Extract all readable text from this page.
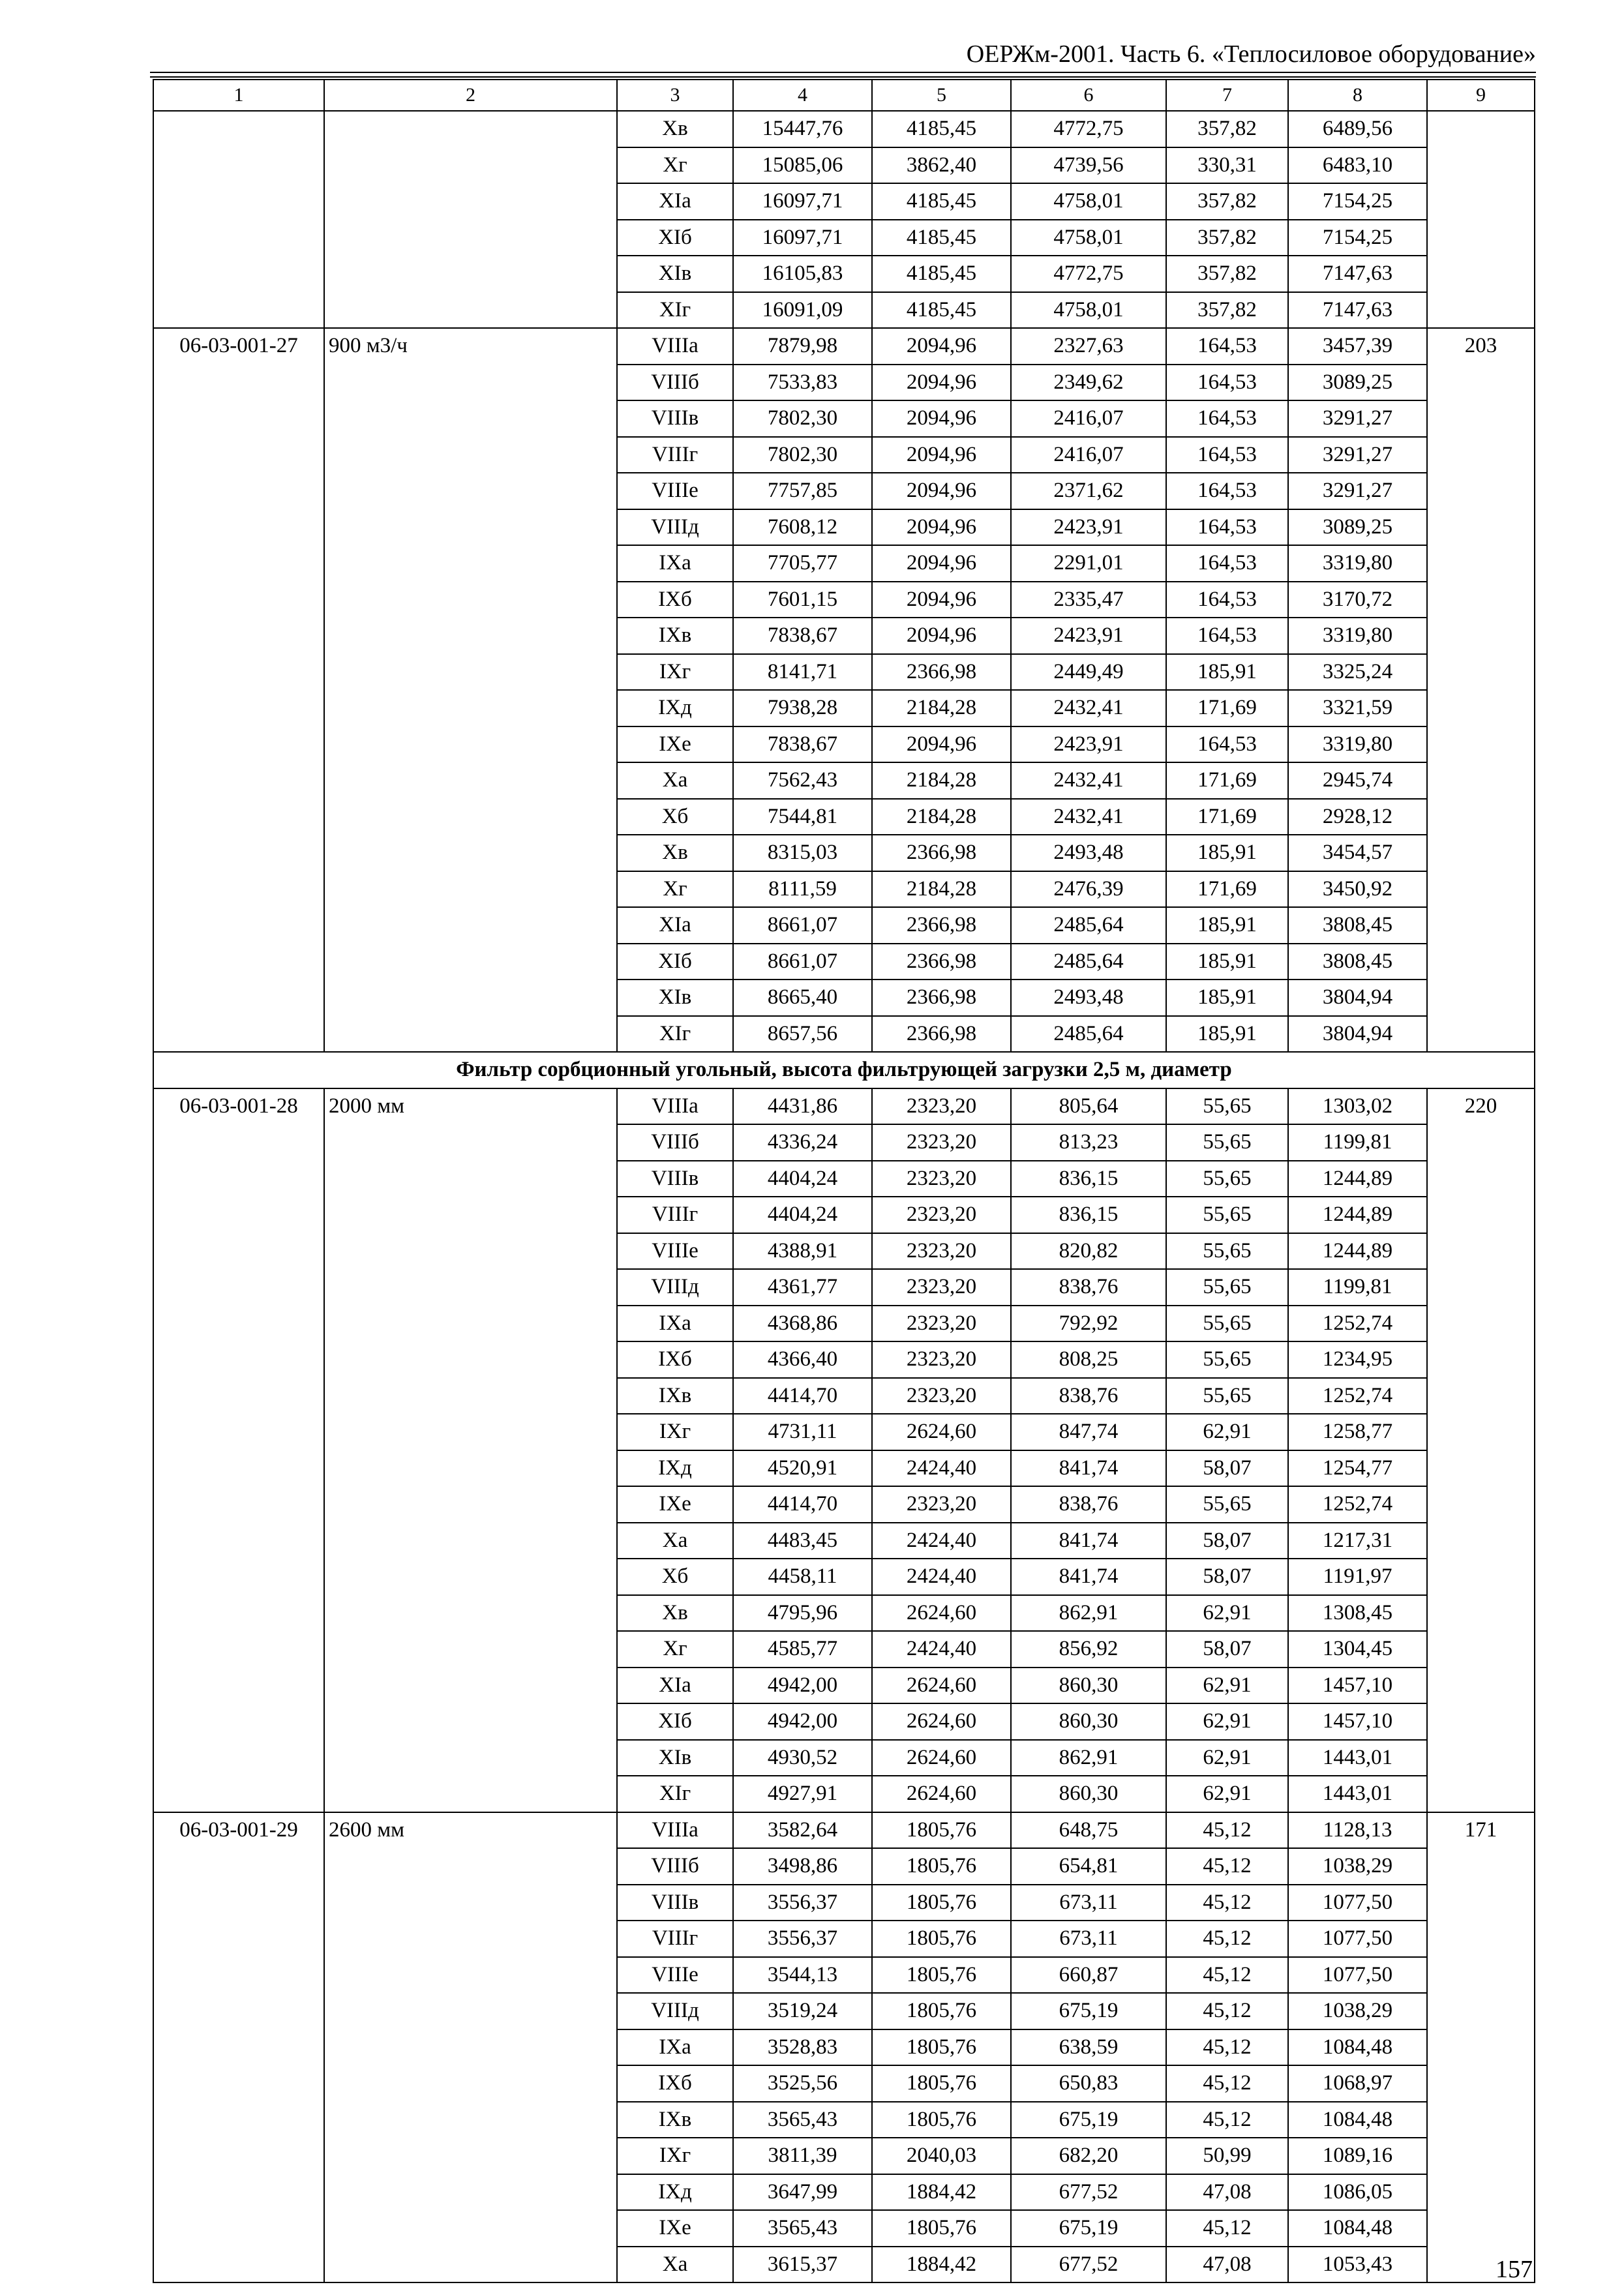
ОЕРЖм-2001. Часть 6. «Теплосиловое оборудование»
1	2	3	4	5	6	7	8	9
		Xв	15447,76	4185,45	4772,75	357,82	6489,56	
		Xг	15085,06	3862,40	4739,56	330,31	6483,10	
		XIa	16097,71	4185,45	4758,01	357,82	7154,25	
		XIб	16097,71	4185,45	4758,01	357,82	7154,25	
		XIв	16105,83	4185,45	4772,75	357,82	7147,63	
		XIг	16091,09	4185,45	4758,01	357,82	7147,63	
06-03-001-27	900 м3/ч	VIIIa	7879,98	2094,96	2327,63	164,53	3457,39	203
		VIIIб	7533,83	2094,96	2349,62	164,53	3089,25	
		VIIIв	7802,30	2094,96	2416,07	164,53	3291,27	
		VIIIг	7802,30	2094,96	2416,07	164,53	3291,27	
		VIIIe	7757,85	2094,96	2371,62	164,53	3291,27	
		VIIIд	7608,12	2094,96	2423,91	164,53	3089,25	
		IXa	7705,77	2094,96	2291,01	164,53	3319,80	
		IXб	7601,15	2094,96	2335,47	164,53	3170,72	
		IXв	7838,67	2094,96	2423,91	164,53	3319,80	
		IXг	8141,71	2366,98	2449,49	185,91	3325,24	
		IXд	7938,28	2184,28	2432,41	171,69	3321,59	
		IXe	7838,67	2094,96	2423,91	164,53	3319,80	
		Xa	7562,43	2184,28	2432,41	171,69	2945,74	
		Xб	7544,81	2184,28	2432,41	171,69	2928,12	
		Xв	8315,03	2366,98	2493,48	185,91	3454,57	
		Xг	8111,59	2184,28	2476,39	171,69	3450,92	
		XIa	8661,07	2366,98	2485,64	185,91	3808,45	
		XIб	8661,07	2366,98	2485,64	185,91	3808,45	
		XIв	8665,40	2366,98	2493,48	185,91	3804,94	
		XIг	8657,56	2366,98	2485,64	185,91	3804,94	
Фильтр сорбционный угольный, высота фильтрующей загрузки 2,5 м, диаметр								
06-03-001-28	2000 мм	VIIIa	4431,86	2323,20	805,64	55,65	1303,02	220
		VIIIб	4336,24	2323,20	813,23	55,65	1199,81	
		VIIIв	4404,24	2323,20	836,15	55,65	1244,89	
		VIIIг	4404,24	2323,20	836,15	55,65	1244,89	
		VIIIe	4388,91	2323,20	820,82	55,65	1244,89	
		VIIIд	4361,77	2323,20	838,76	55,65	1199,81	
		IXa	4368,86	2323,20	792,92	55,65	1252,74	
		IXб	4366,40	2323,20	808,25	55,65	1234,95	
		IXв	4414,70	2323,20	838,76	55,65	1252,74	
		IXг	4731,11	2624,60	847,74	62,91	1258,77	
		IXд	4520,91	2424,40	841,74	58,07	1254,77	
		IXe	4414,70	2323,20	838,76	55,65	1252,74	
		Xa	4483,45	2424,40	841,74	58,07	1217,31	
		Xб	4458,11	2424,40	841,74	58,07	1191,97	
		Xв	4795,96	2624,60	862,91	62,91	1308,45	
		Xг	4585,77	2424,40	856,92	58,07	1304,45	
		XIa	4942,00	2624,60	860,30	62,91	1457,10	
		XIб	4942,00	2624,60	860,30	62,91	1457,10	
		XIв	4930,52	2624,60	862,91	62,91	1443,01	
		XIг	4927,91	2624,60	860,30	62,91	1443,01	
06-03-001-29	2600 мм	VIIIa	3582,64	1805,76	648,75	45,12	1128,13	171
		VIIIб	3498,86	1805,76	654,81	45,12	1038,29	
		VIIIв	3556,37	1805,76	673,11	45,12	1077,50	
		VIIIг	3556,37	1805,76	673,11	45,12	1077,50	
		VIIIe	3544,13	1805,76	660,87	45,12	1077,50	
		VIIIд	3519,24	1805,76	675,19	45,12	1038,29	
		IXa	3528,83	1805,76	638,59	45,12	1084,48	
		IXб	3525,56	1805,76	650,83	45,12	1068,97	
		IXв	3565,43	1805,76	675,19	45,12	1084,48	
		IXг	3811,39	2040,03	682,20	50,99	1089,16	
		IXд	3647,99	1884,42	677,52	47,08	1086,05	
		IXe	3565,43	1805,76	675,19	45,12	1084,48	
		Xa	3615,37	1884,42	677,52	47,08	1053,43		157
